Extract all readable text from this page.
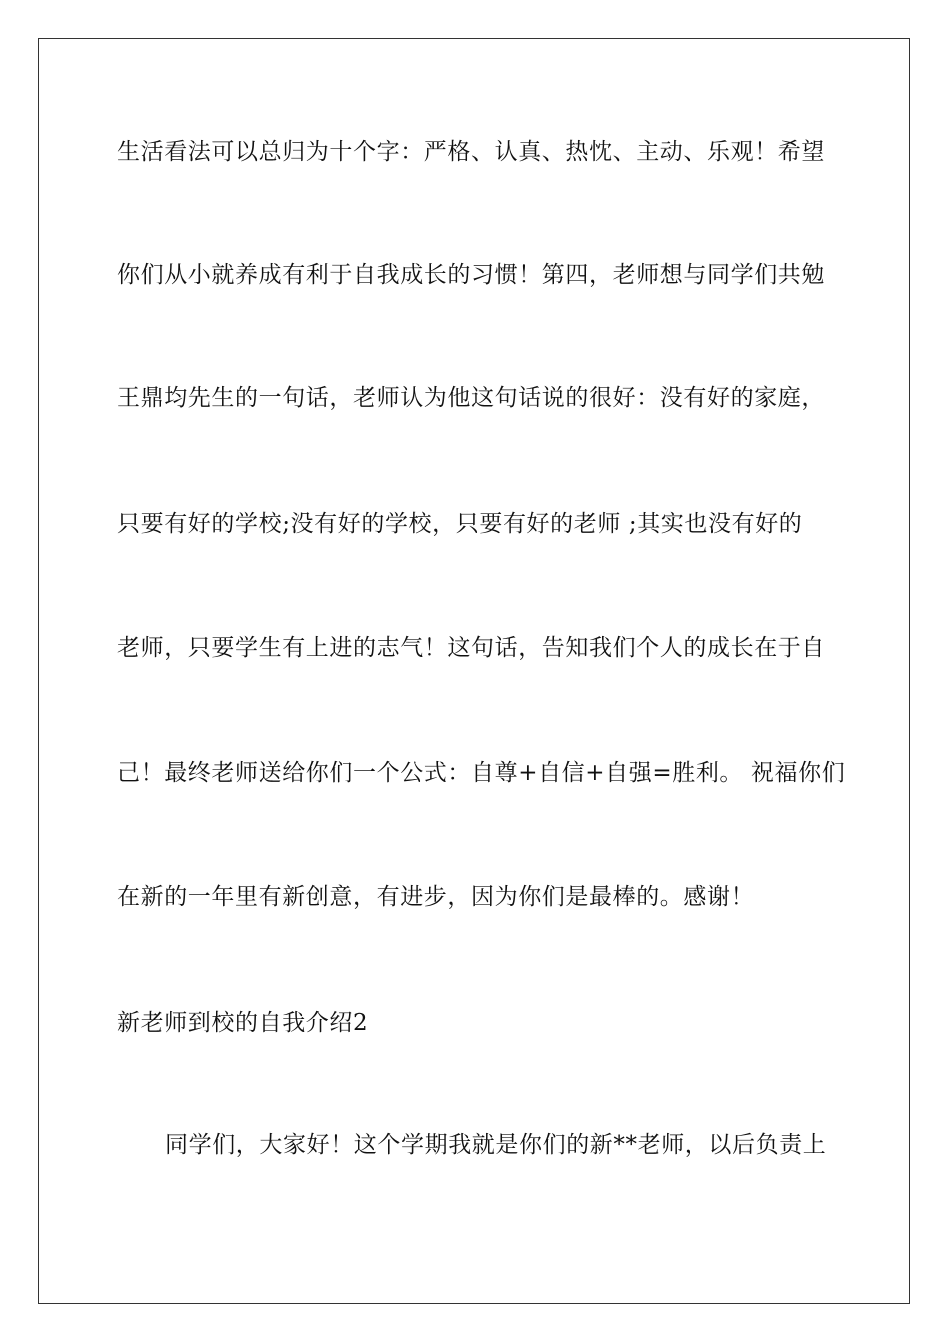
生活看法可以总归为十个字：严格、认真、热忱、主动、乐观！希望
你们从小就养成有利于自我成长的习惯！第四，老师想与同学们共勉
王鼎均先生的一句话，老师认为他这句话说的很好：没有好的家庭，
只要有好的学校;没有好的学校，只要有好的老师 ;其实也没有好的
老师，只要学生有上进的志气！这句话，告知我们个人的成长在于自
己！最终老师送给你们一个公式：自尊+自信+自强=胜利。 祝福你们
在新的一年里有新创意，有进步，因为你们是最棒的。感谢！
新老师到校的自我介绍2
同学们，大家好！这个学期我就是你们的新**老师，以后负责上
